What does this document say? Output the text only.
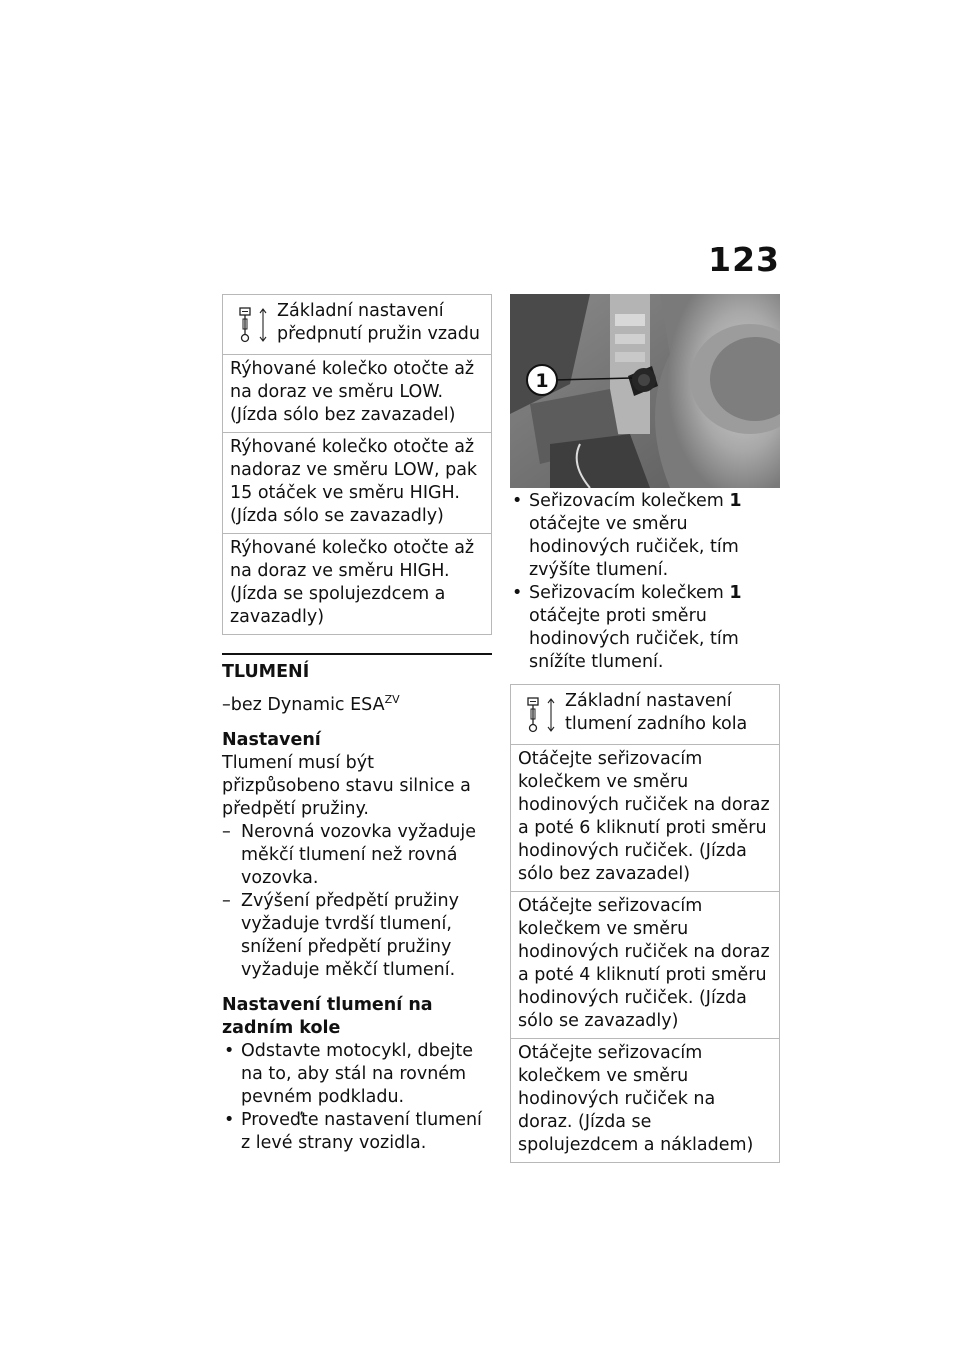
123
Základní nastavení předpnutí pružin vzadu
Rýhované kolečko otočte až na doraz ve směru LOW. (Jízda sólo bez zavazadel)
Rýhované kolečko otočte až nadoraz ve směru LOW, pak 15 otáček ve směru HIGH. (Jízda sólo se zavazadly)
Rýhované kolečko otočte až na doraz ve směru HIGH. (Jízda se spolujezdcem a zavazadly)
TLUMENÍ
–bez Dynamic $ESA^{ZV}$
Nastavení
Tlumení musí být přizpůsobeno stavu silnice a předpětí pružiny.
– Nerovná vozovka vyžaduje měkčí tlumení než rovná vozovka.
– Zvýšení předpětí pružiny vyžaduje tvrdší tlumení, snížení předpětí pružiny vyžaduje měkčí tlumení.
Nastavení tlumení na zadním kole
• Odstavte motocykl, dbejte na to, aby stál na rovném pevném podkladu.
• Proveďte nastavení tlumení z levé strany vozidla.
1
• Seřizovacím kolečkem 1 otáčejte ve směru hodinových ručiček, tím zvýšíte tlumení.
• Seřizovacím kolečkem 1 otáčejte proti směru hodinových ručiček, tím snížíte tlumení.
Základní nastavení tlumení zadního kola
Otáčejte seřizovacím kolečkem ve směru hodinových ručiček na doraz a poté 6 kliknutí proti směru hodinových ručiček. (Jízda sólo bez zavazadel)
Otáčejte seřizovacím kolečkem ve směru hodinových ručiček na doraz a poté 4 kliknutí proti směru hodinových ručiček. (Jízda sólo se zavazadly)
Otáčejte seřizovacím kolečkem ve směru hodinových ručiček na doraz. (Jízda se spolujezdcem a nákladem)
